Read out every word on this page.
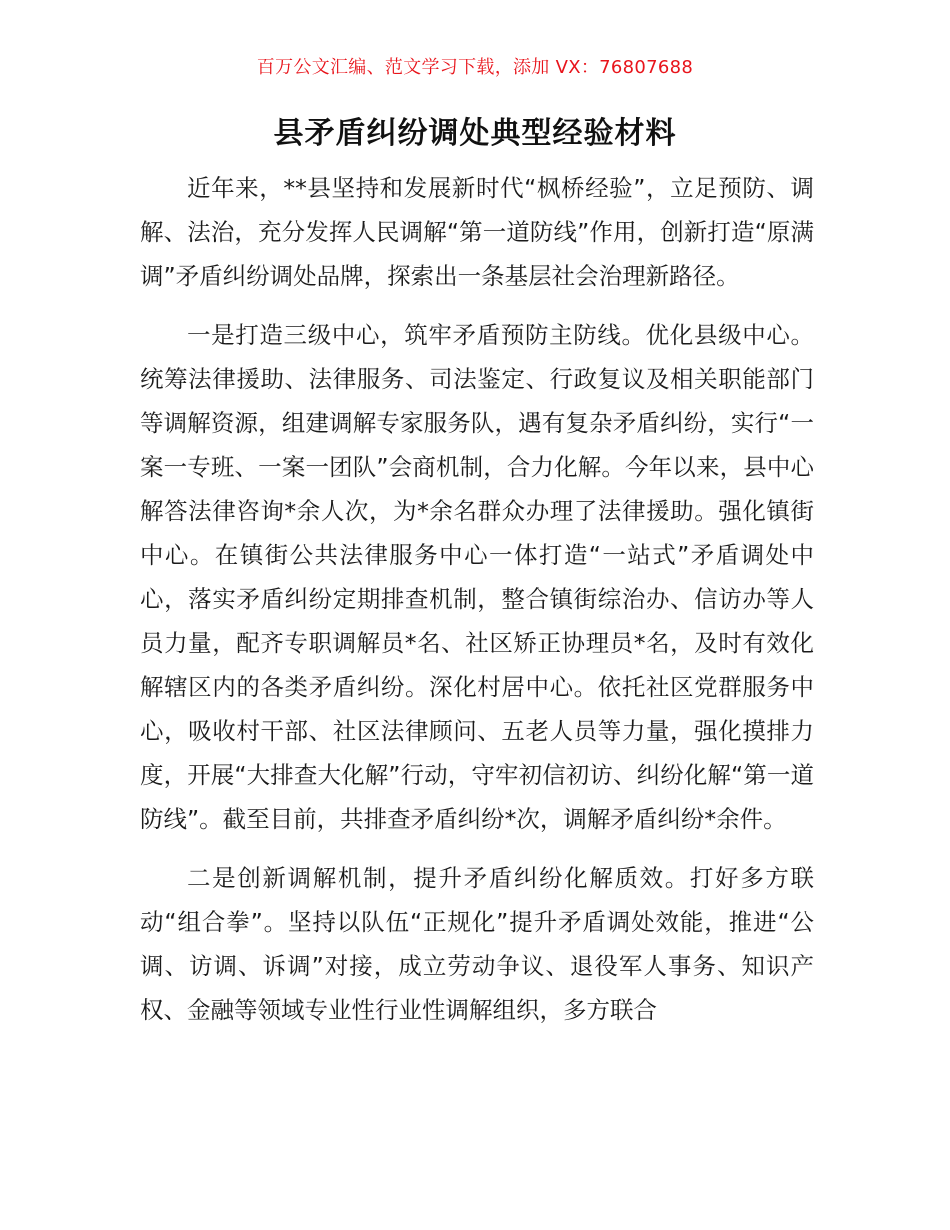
百万公文汇编、范文学习下载，添加 VX：76807688
县矛盾纠纷调处典型经验材料

近年来，**县坚持和发展新时代“枫桥经验”，立足预防、调解、法治，充分发挥人民调解“第一道防线”作用，创新打造“原满调”矛盾纠纷调处品牌，探索出一条基层社会治理新路径。

一是打造三级中心，筑牢矛盾预防主防线。优化县级中心。统筹法律援助、法律服务、司法鉴定、行政复议及相关职能部门等调解资源，组建调解专家服务队，遇有复杂矛盾纠纷，实行“一案一专班、一案一团队”会商机制，合力化解。今年以来，县中心解答法律咨询*余人次，为*余名群众办理了法律援助。强化镇街中心。在镇街公共法律服务中心一体打造“一站式”矛盾调处中心，落实矛盾纠纷定期排查机制，整合镇街综治办、信访办等人员力量，配齐专职调解员*名、社区矫正协理员*名，及时有效化解辖区内的各类矛盾纠纷。深化村居中心。依托社区党群服务中心，吸收村干部、社区法律顾问、五老人员等力量，强化摸排力度，开展“大排查大化解”行动，守牢初信初访、纠纷化解“第一道防线”。截至目前，共排查矛盾纠纷*次，调解矛盾纠纷*余件。

二是创新调解机制，提升矛盾纠纷化解质效。打好多方联动“组合拳”。坚持以队伍“正规化”提升矛盾调处效能，推进“公调、访调、诉调”对接，成立劳动争议、退役军人事务、知识产权、金融等领域专业性行业性调解组织，多方联合
